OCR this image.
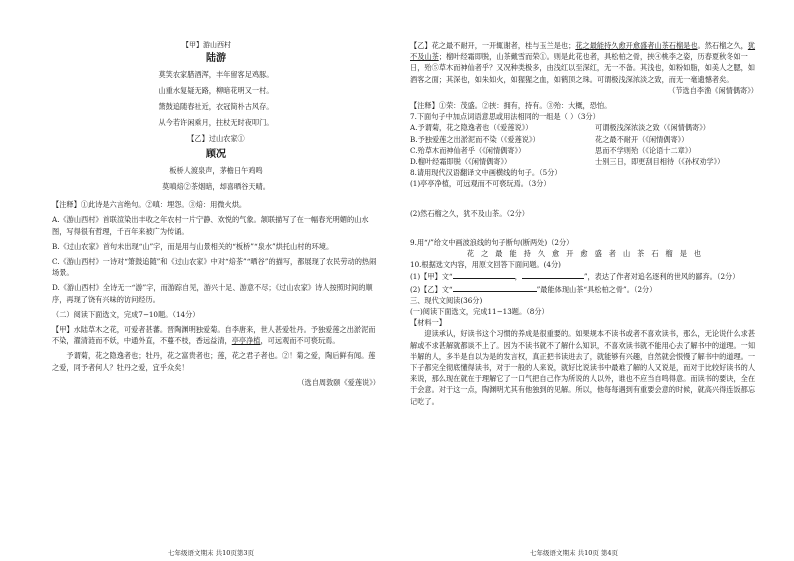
【甲】游山西村

陆游

莫笑农家腊酒浑，丰年留客足鸡豚。

山重水复疑无路，柳暗花明又一村。

箫鼓追随春社近，衣冠简朴古风存。

从今若许闲乘月，拄杖无时夜叩门。

【乙】过山农家①

顾况

板桥人渡泉声，茅檐日午鸡鸣

莫嗔焙②茶烟暗，却喜晒谷天晴。

【注释】①此诗是六言绝句。②嗔：埋怨。③焙：用微火烘。

A.《游山西村》首联渲染出丰收之年农村一片宁静、欢悦的气象。颔联描写了在一幅春光明媚的山水图，写得很有哲理，千百年来被广为传诵。

B.《过山农家》首句未出现“山”字，而是用与山景相关的“板桥”“泉水”烘托山村的环境。

C.《游山西村》一诗对“箫鼓追随”和《过山农家》中对“焙茶”“晒谷”的描写，都展现了农民劳动的热闹场景。

D.《游山西村》全诗无一“游”字，而游踪自见，游兴十足、游意不尽；《过山农家》诗人按照时间的顺序，再现了饶有兴味的访问经历。

（二）阅读下面选文，完成7−10题。（14分）

【甲】水陆草木之花，可爱者甚蕃。晋陶渊明独爱菊。自李唐来，世人甚爱牡丹。予独爱莲之出淤泥而不染，濯清涟而不妖，中通外直，不蔓不枝，香远益清，亭亭净植，可远观而不可亵玩焉。

予谓菊，花之隐逸者也；牡丹，花之富贵者也；莲，花之君子者也。②！菊之爱，陶后鲜有闻。莲之爱，同予者何人？牡丹之爱，宜乎众矣！

（选自周敦颐《爱莲说》）

七年级语文期末 共10页第3页

【乙】花之最不耐开，一开辄谢者，桂与玉兰是也；花之最能持久愈开愈盛者山茶石榴是也。然石榴之久，犹不及山茶；榴叶经霜即脱，山茶戴雪而荣①。则是此花也者，具松柏之骨，挟④桃李之姿，历春夏秋冬如一日，殆⑤草木而神仙者乎？又况种类极多，由浅红以至深红，无一不备。其浅也，如粉如脂，如美人之腮，如酒客之面；其深也，如朱如火，如猩猩之血，如鹤顶之珠。可谓极浅深浓淡之致，而无一毫遗憾者矣。

（节选自李渔《闲情偶寄》）

【注释】①荣：茂盛。②挟：拥有，持有。③殆：大概，恐怕。

7.下面句子中加点词语意思或用法相同的一组是（ ）（3分）

A.予谓菊，花之隐逸者也（《爱莲说》）	可谓极浅深浓淡之致（《闲情偶寄》）

B.予独爱莲之出淤泥而不染（《爱莲说》）	花之最不耐开（《闲情偶寄》）

C.殆草木而神仙者乎（《闲情偶寄》）	思而不学则殆（《论语十二章》）

D.榴叶经霜即脱（《闲情偶寄》）	士别三日，即更刮目相待（《孙权劝学》）

8.请用现代汉语翻译文中画横线的句子。（5分）

(1)亭亭净植，可远观而不可亵玩焉。（3分）

(2)然石榴之久，犹不及山茶。（2分）

9.用“/”给文中画波浪线的句子断句(断两处)（2分）

花之最能持久愈开愈盛者山茶石榴是也

10.根据选文内容，用原文回答下面问题。(4分)

(1)【甲】文“	，	”，表达了作者对追名逐利的世风的鄙弃。（2分）

(2)【乙】文“	”最能体现山茶“具松柏之骨”。（2分）

三、现代文阅读(36分)

(一)阅读下面选文，完成11−13题。（8分）

【材料一】

迎读承认，好读书这个习惯的养成是很重要的。如果规本不读书或者不喜欢读书，那么，无论说什么求甚解或不求甚解就都谈不上了。因为不读书就不了解什么知识，不喜欢读书就不能用心去了解书中的道理。一知半解的人，多半是自以为是的发言权，真正把书读进去了，就能够有兴趣，自然就会恨慢了解书中的道理。一下子都完全彻底懂得读书，对于一般的人来说，就好比说读书中最难了解的人又说是，而对于比较好读书的人来说，那么现在就在于理解它了一口气把自己作为所说的人以外，谁也不应当自鸣得意。而读书的要诀，全在于会意。对于这一点，陶渊明尤其有他独到的见解。所以，他每每遇到有重要会意的时候，就高兴得连饭都忘记吃了。

七年级语文期末 共10页 第4页
